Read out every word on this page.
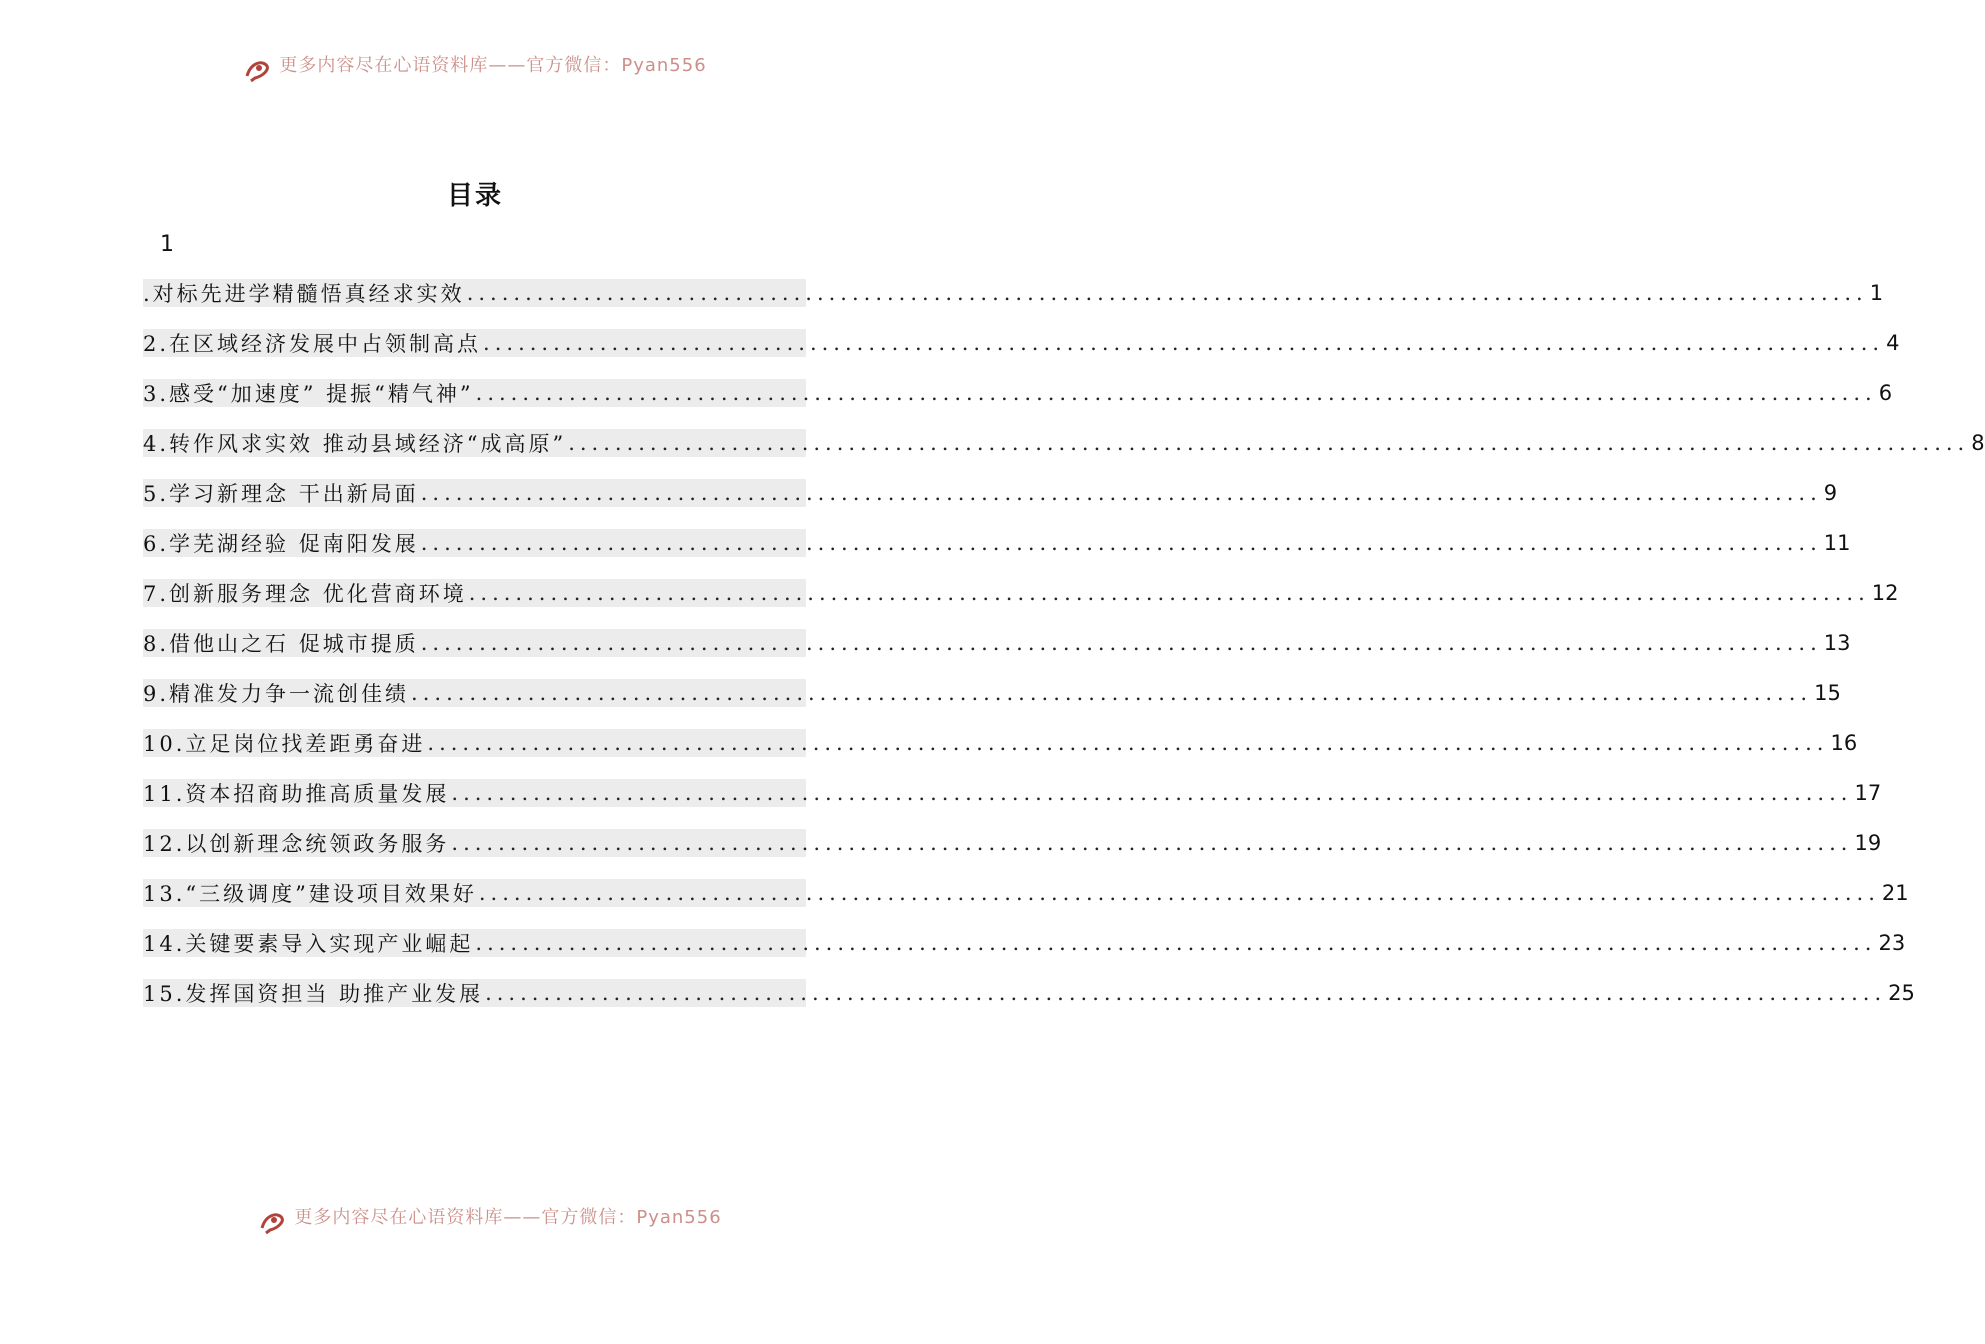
更多内容尽在心语资料库——官方微信：Pyan556
目录
1
.对标先进学精髓悟真经求实效 ........................................................................................................................ 1
2.在区域经济发展中占领制高点 ........................................................................................................................ 4
3.感受“加速度” 提振“精气神” ........................................................................................................................ 6
4.转作风求实效 推动县域经济“成高原” ........................................................................................................................ 8
5.学习新理念 干出新局面 ........................................................................................................................ 9
6.学芜湖经验 促南阳发展 ........................................................................................................................ 11
7.创新服务理念 优化营商环境 ........................................................................................................................ 12
8.借他山之石 促城市提质 ........................................................................................................................ 13
9.精准发力争一流创佳绩 ........................................................................................................................ 15
10.立足岗位找差距勇奋进 ........................................................................................................................ 16
11.资本招商助推高质量发展 ........................................................................................................................ 17
12.以创新理念统领政务服务 ........................................................................................................................ 19
13.“三级调度”建设项目效果好 ........................................................................................................................ 21
14.关键要素导入实现产业崛起 ........................................................................................................................ 23
15.发挥国资担当 助推产业发展 ........................................................................................................................ 25
更多内容尽在心语资料库——官方微信：Pyan556
